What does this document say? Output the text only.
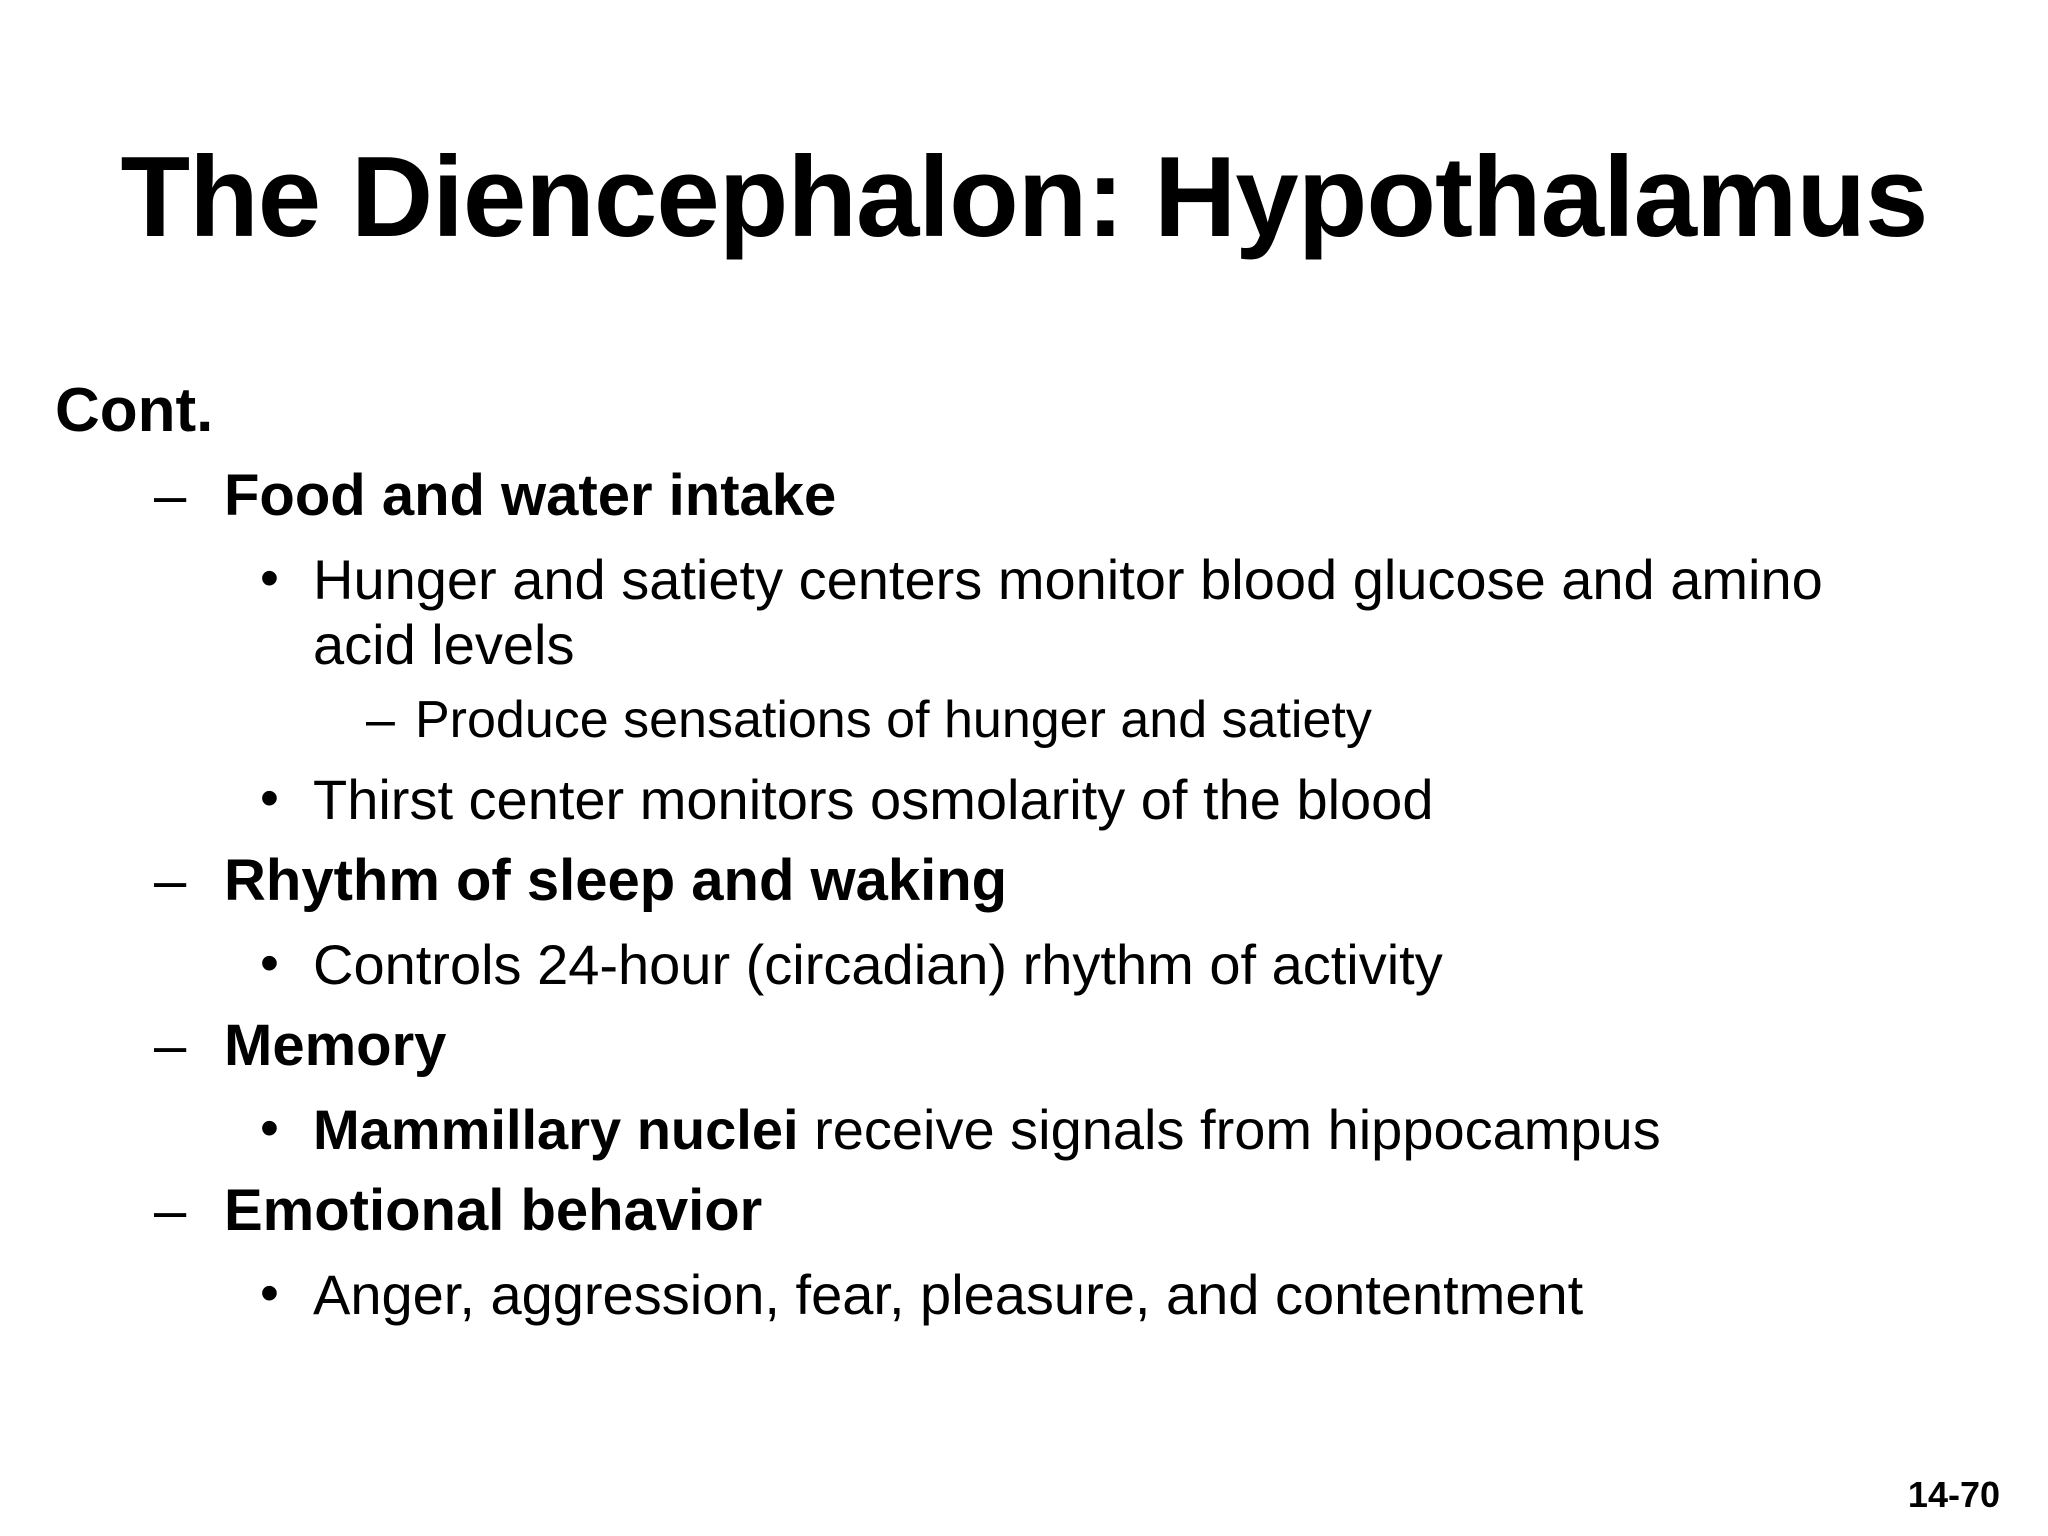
The Diencephalon: Hypothalamus
Cont.
– Food and water intake
• Hunger and satiety centers monitor blood glucose and amino
acid levels
– Produce sensations of hunger and satiety
• Thirst center monitors osmolarity of the blood
– Rhythm of sleep and waking
• Controls 24-hour (circadian) rhythm of activity
– Memory
• Mammillary nuclei receive signals from hippocampus
– Emotional behavior
• Anger, aggression, fear, pleasure, and contentment
14-70
